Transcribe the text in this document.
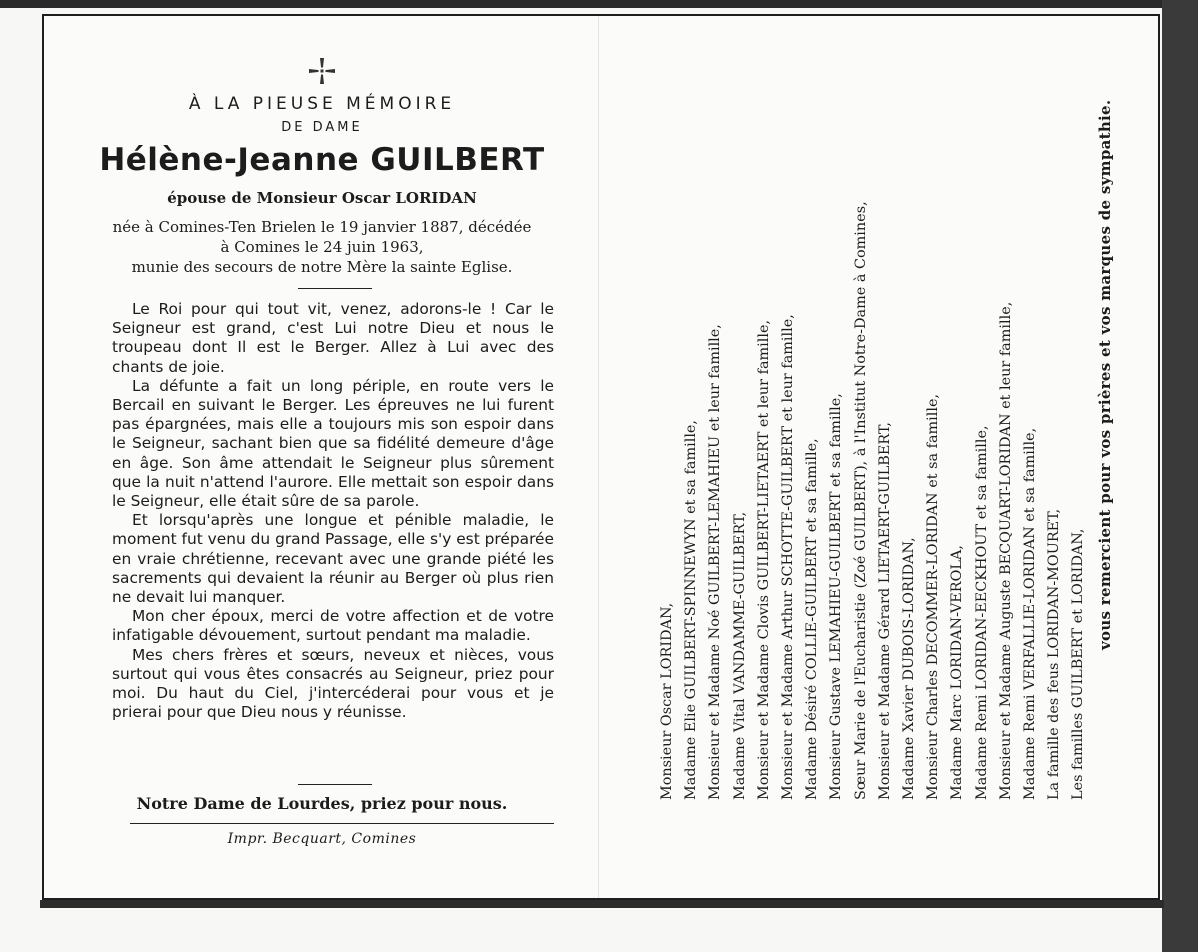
À LA PIEUSE MÉMOIRE
DE DAME
Hélène-Jeanne GUILBERT
épouse de Monsieur Oscar LORIDAN
née à Comines-Ten Brielen le 19 janvier 1887, décédée
à Comines le 24 juin 1963,
munie des secours de notre Mère la sainte Eglise.

Le Roi pour qui tout vit, venez, adorons-le ! Car le Seigneur est grand, c'est Lui notre Dieu et nous le troupeau dont Il est le Berger. Allez à Lui avec des chants de joie.

La défunte a fait un long périple, en route vers le Bercail en suivant le Berger. Les épreuves ne lui furent pas épargnées, mais elle a toujours mis son espoir dans le Seigneur, sachant bien que sa fidélité demeure d'âge en âge. Son âme attendait le Seigneur plus sûrement que la nuit n'attend l'aurore. Elle mettait son espoir dans le Seigneur, elle était sûre de sa parole.

Et lorsqu'après une longue et pénible maladie, le moment fut venu du grand Passage, elle s'y est préparée en vraie chrétienne, recevant avec une grande piété les sacrements qui devaient la réunir au Berger où plus rien ne devait lui manquer.

Mon cher époux, merci de votre affection et de votre infatigable dévouement, surtout pendant ma maladie.

Mes chers frères et sœurs, neveux et nièces, vous surtout qui vous êtes consacrés au Seigneur, priez pour moi. Du haut du Ciel, j'intercéderai pour vous et je prierai pour que Dieu nous y réunisse.

Notre Dame de Lourdes, priez pour nous.
Impr. Becquart, Comines
Monsieur Oscar LORIDAN, Madame Elie GUILBERT-SPINNEWYN et sa famille, Monsieur et Madame Noé GUILBERT-LEMAHIEU et leur famille, Madame Vital VANDAMME-GUILBERT, Monsieur et Madame Clovis GUILBERT-LIETAERT et leur famille, Monsieur et Madame Arthur SCHOTTE-GUILBERT et leur famille, Madame Désiré COLLIE-GUILBERT et sa famille, Monsieur Gustave LEMAHIEU-GUILBERT et sa famille, Sœur Marie de l'Eucharistie (Zoé GUILBERT), à l'Institut Notre-Dame à Comines, Monsieur et Madame Gérard LIETAERT-GUILBERT, Madame Xavier DUBOIS-LORIDAN, Monsieur Charles DECOMMER-LORIDAN et sa famille, Madame Marc LORIDAN-VEROLA, Madame Remi LORIDAN-EECKHOUT et sa famille, Monsieur et Madame Auguste BECQUART-LORIDAN et leur famille, Madame Remi VERFALLIE-LORIDAN et sa famille, La famille des feus LORIDAN-MOURET, Les familles GUILBERT et LORIDAN,
vous remercient pour vos prières et vos marques de sympathie.
